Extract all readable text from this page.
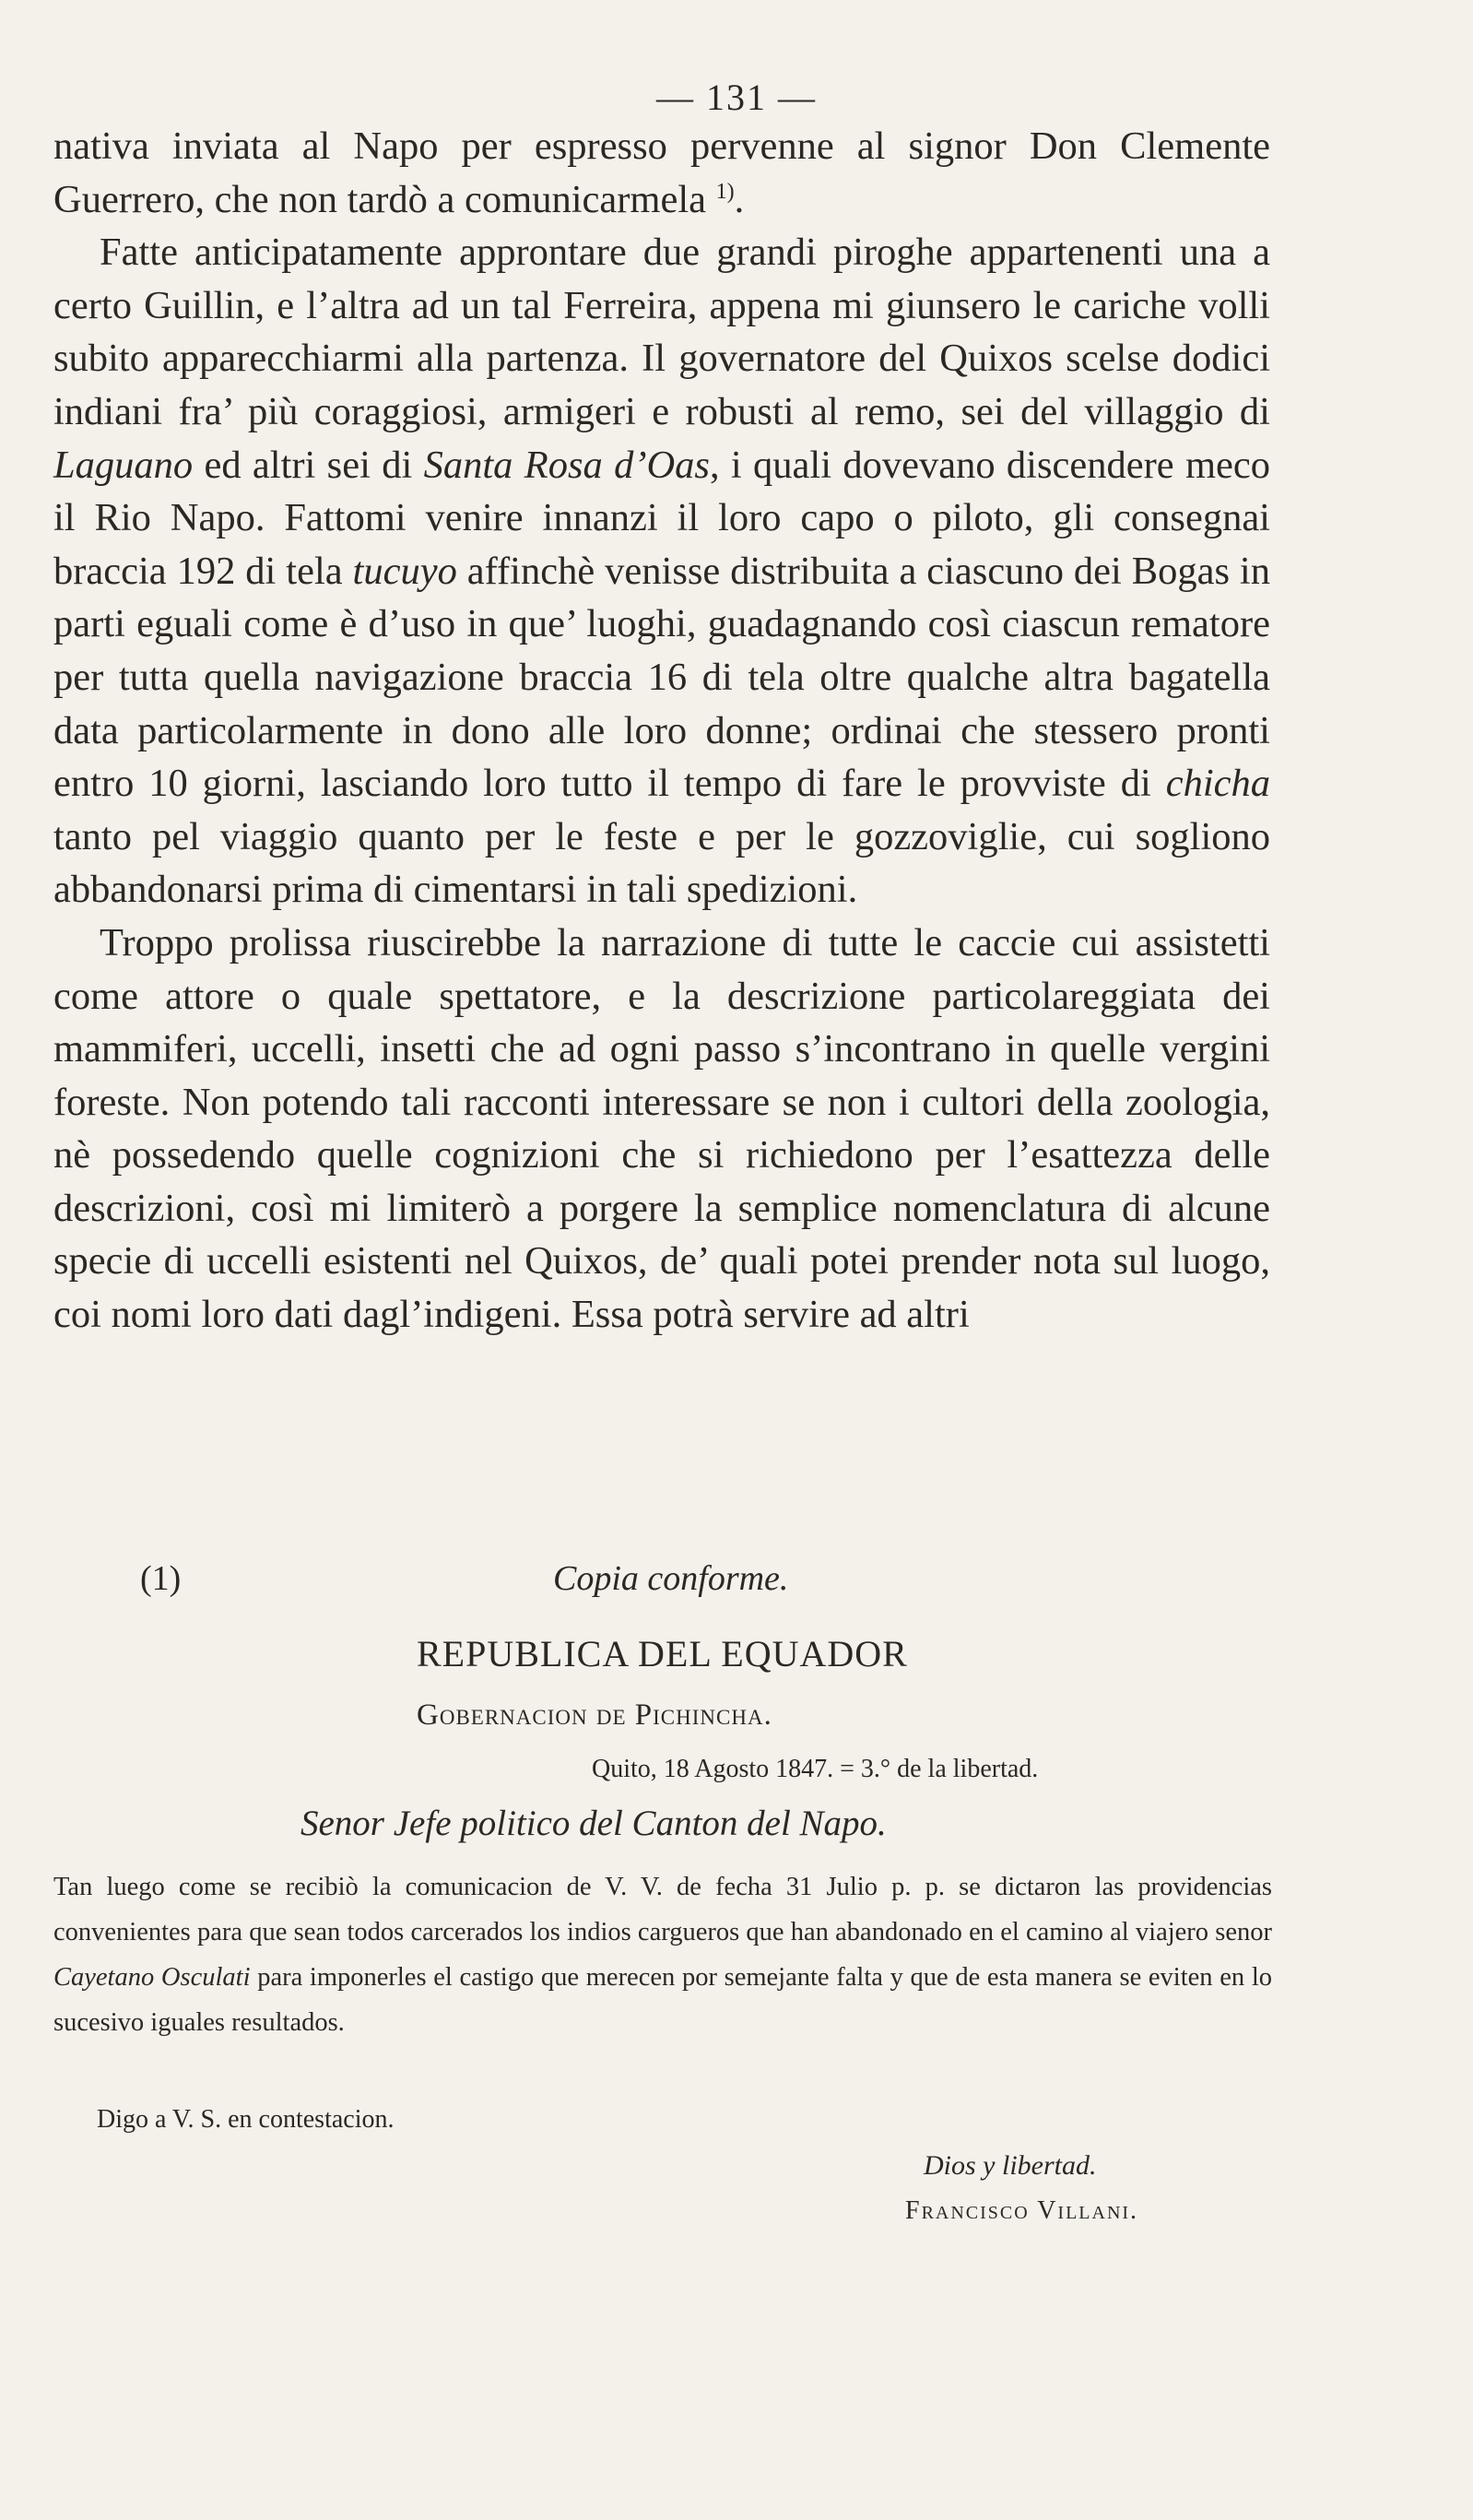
— 131 —

nativa inviata al Napo per espresso pervenne al signor Don Clemente Guerrero, che non tardò a comunicarmela $^{1)}$.

Fatte anticipatamente approntare due grandi piroghe appartenenti una a certo Guillin, e l’altra ad un tal Ferreira, appena mi giunsero le cariche volli subito apparecchiarmi alla partenza. Il governatore del Quixos scelse dodici indiani fra’ più coraggiosi, armigeri e robusti al remo, sei del villaggio di Laguano ed altri sei di Santa Rosa d’Oas, i quali dovevano discendere meco il Rio Napo. Fattomi venire innanzi il loro capo o piloto, gli consegnai braccia 192 di tela tucuyo affinchè venisse distribuita a ciascuno dei Bogas in parti eguali come è d’uso in que’ luoghi, guadagnando così ciascun rematore per tutta quella navigazione braccia 16 di tela oltre qualche altra bagatella data particolarmente in dono alle loro donne; ordinai che stessero pronti entro 10 giorni, lasciando loro tutto il tempo di fare le provviste di chicha tanto pel viaggio quanto per le feste e per le gozzoviglie, cui sogliono abbandonarsi prima di cimentarsi in tali spedizioni.

Troppo prolissa riuscirebbe la narrazione di tutte le caccie cui assistetti come attore o quale spettatore, e la descrizione particolareggiata dei mammiferi, uccelli, insetti che ad ogni passo s’incontrano in quelle vergini foreste. Non potendo tali racconti interessare se non i cultori della zoologia, nè possedendo quelle cognizioni che si richiedono per l’esattezza delle descrizioni, così mi limiterò a porgere la semplice nomenclatura di alcune specie di uccelli esistenti nel Quixos, de’ quali potei prender nota sul luogo, coi nomi loro dati dagl’indigeni. Essa potrà servire ad altri

(1)	Copia conforme.
REPUBLICA DEL EQUADOR
Gobernacion de Pichincha.
Quito, 18 Agosto 1847. = 3.° de la libertad.
Senor Jefe politico del Canton del Napo.

Tan luego come se recibiò la comunicacion de V. V. de fecha 31 Julio p. p. se dictaron las providencias convenientes para que sean todos carcerados los indios cargueros que han abandonado en el camino al viajero senor Cayetano Osculati para imponerles el castigo que merecen por semejante falta y que de esta manera se eviten en lo sucesivo iguales resultados.

Digo a V. S. en contestacion.
Dios y libertad.
Francisco Villani.
